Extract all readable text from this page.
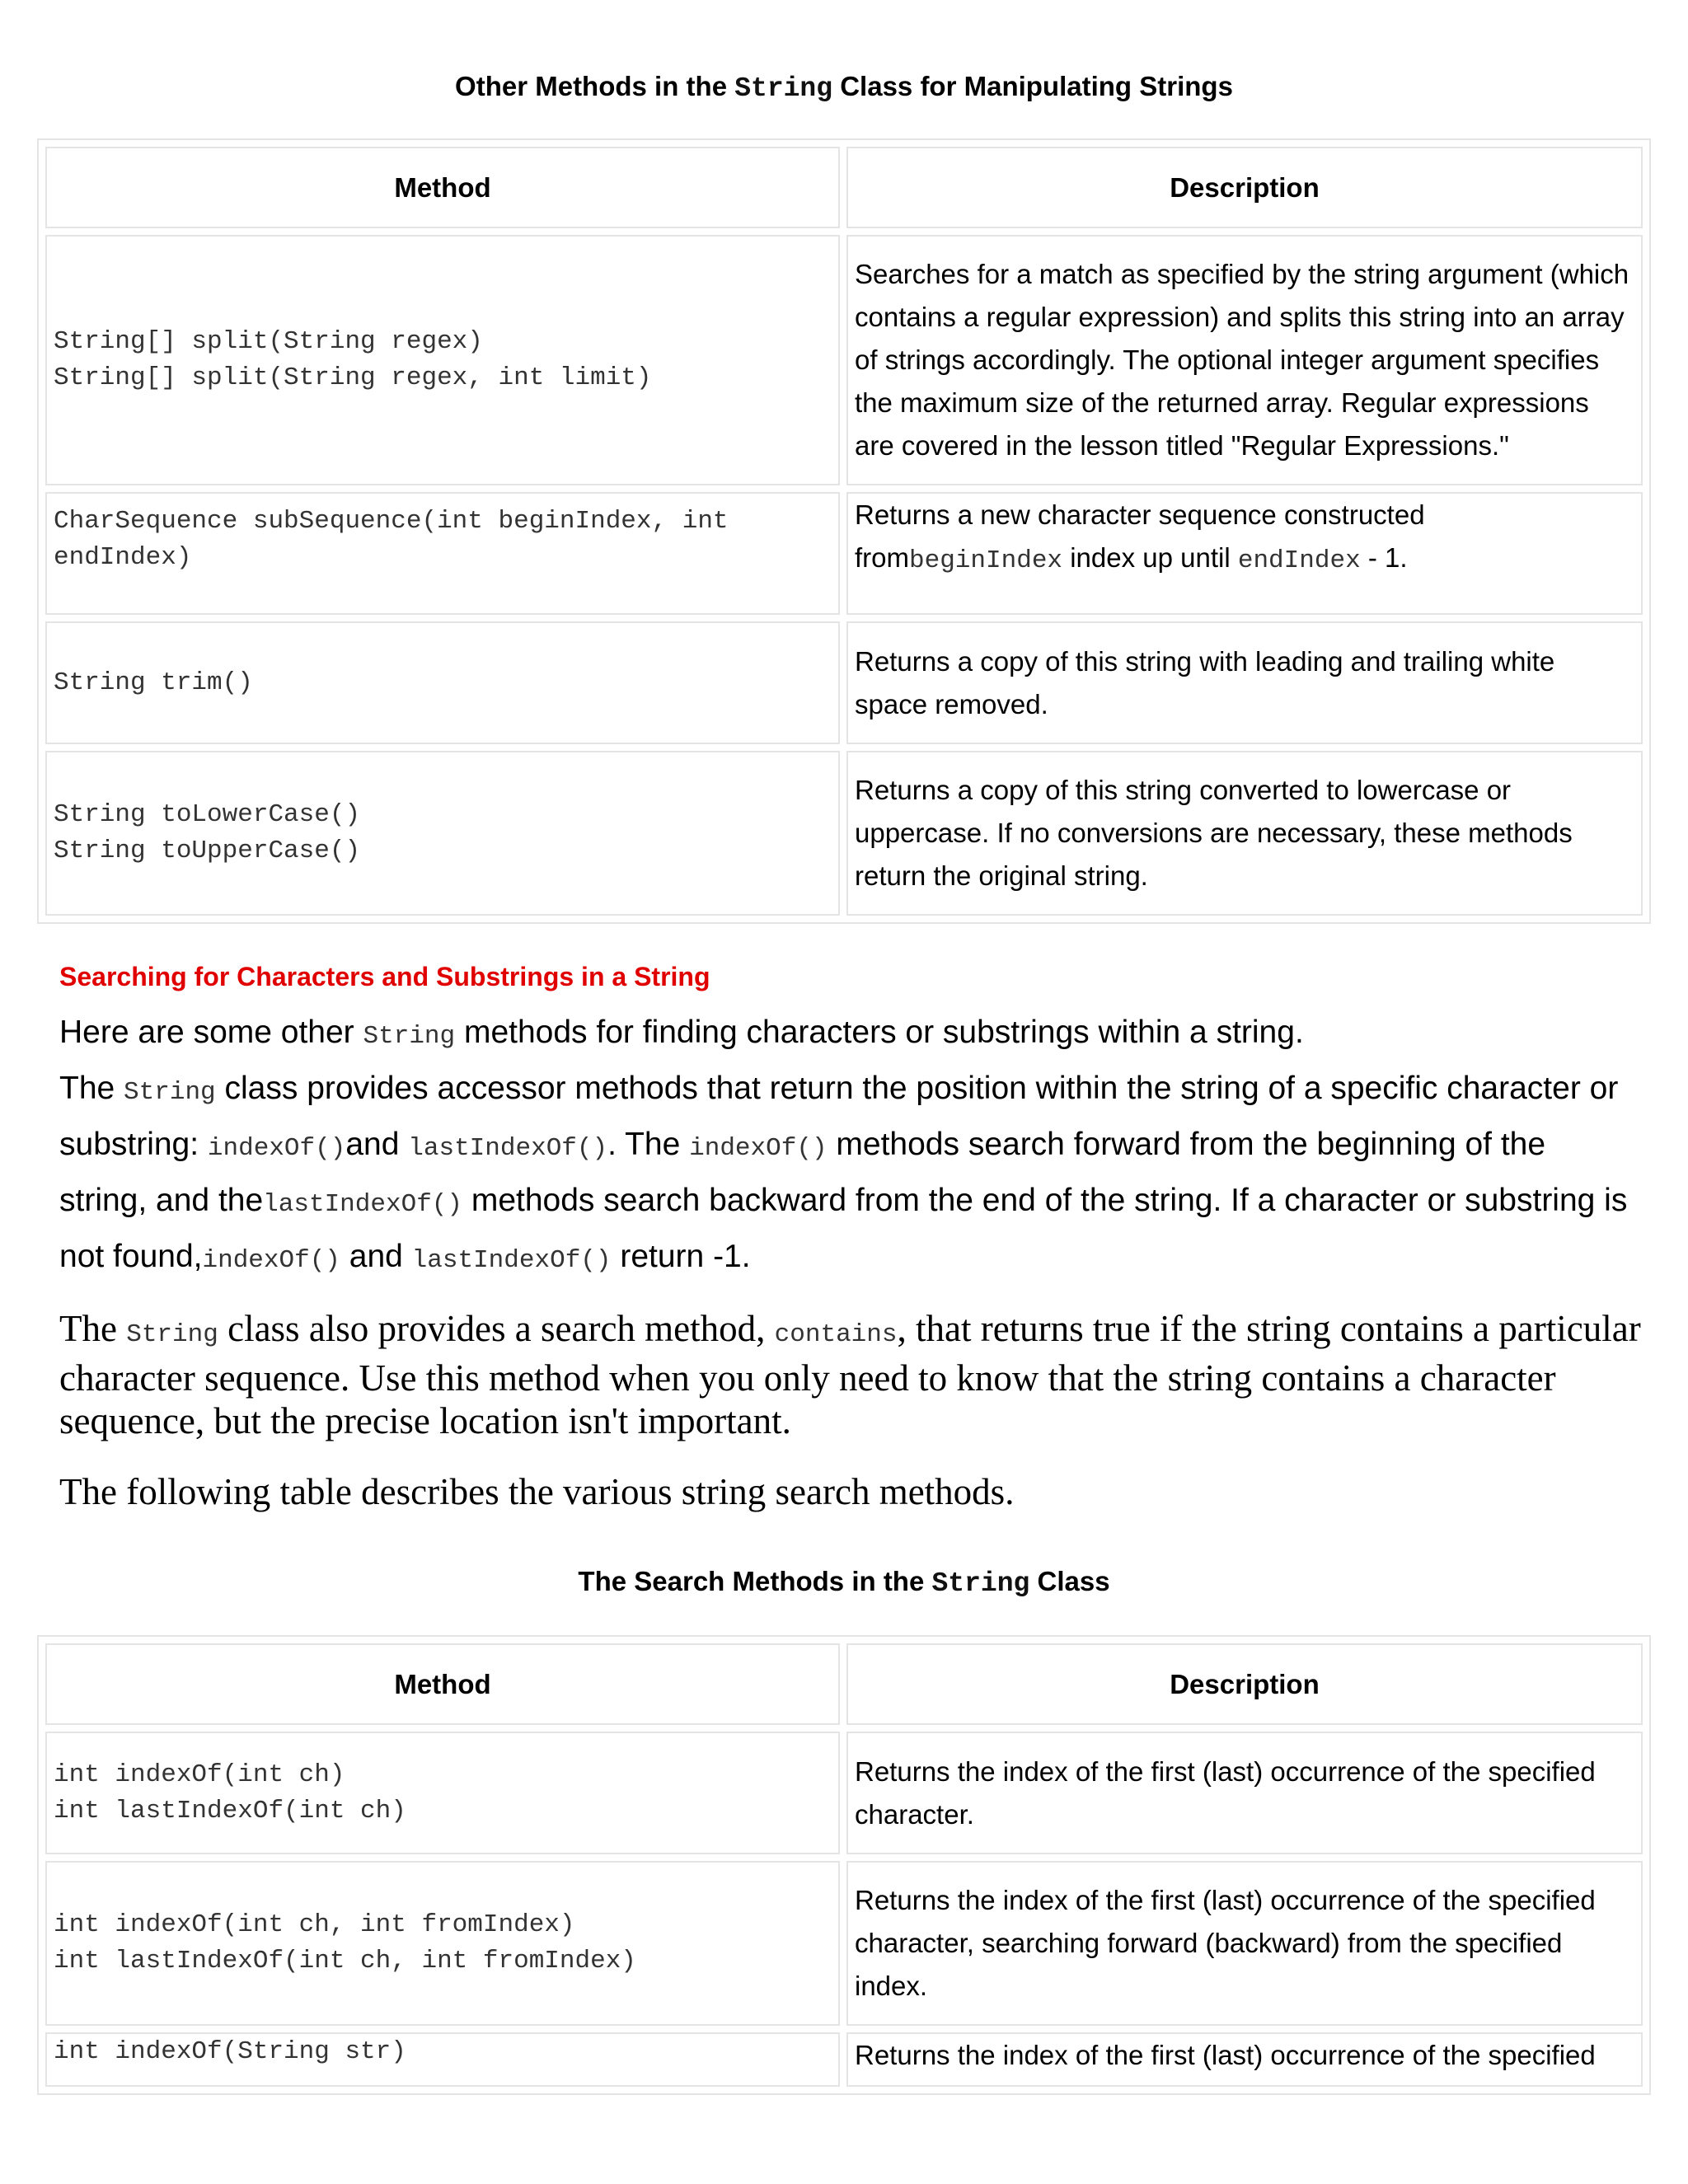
Other Methods in the String Class for Manipulating Strings
Method	Description

String[] split(String regex)
String[] split(String regex, int limit)	Searches for a match as specified by the string argument (which contains a regular expression) and splits this string into an array of strings accordingly. The optional integer argument specifies the maximum size of the returned array. Regular expressions are covered in the lesson titled "Regular Expressions."
CharSequence subSequence(int beginIndex, int endIndex)	Returns a new character sequence constructed frombeginIndex index up until endIndex - 1.
String trim()	Returns a copy of this string with leading and trailing white space removed.

String toLowerCase()
String toUpperCase()	Returns a copy of this string converted to lowercase or uppercase. If no conversions are necessary, these methods return the original string.
Searching for Characters and Substrings in a String
Here are some other String methods for finding characters or substrings within a string.
The String class provides accessor methods that return the position within the string of a specific character or substring: indexOf()and lastIndexOf(). The indexOf() methods search forward from the beginning of the string, and thelastIndexOf() methods search backward from the end of the string. If a character or substring is not found,indexOf() and lastIndexOf() return -1.
The String class also provides a search method, contains, that returns true if the string contains a particular character sequence. Use this method when you only need to know that the string contains a character sequence, but the precise location isn't important.
The following table describes the various string search methods.
The Search Methods in the String Class
Method	Description

int indexOf(int ch)
int lastIndexOf(int ch)	Returns the index of the first (last) occurrence of the specified character.

int indexOf(int ch, int fromIndex)
int lastIndexOf(int ch, int fromIndex)	Returns the index of the first (last) occurrence of the specified character, searching forward (backward) from the specified index.
int indexOf(String str)	Returns the index of the first (last) occurrence of the specified
